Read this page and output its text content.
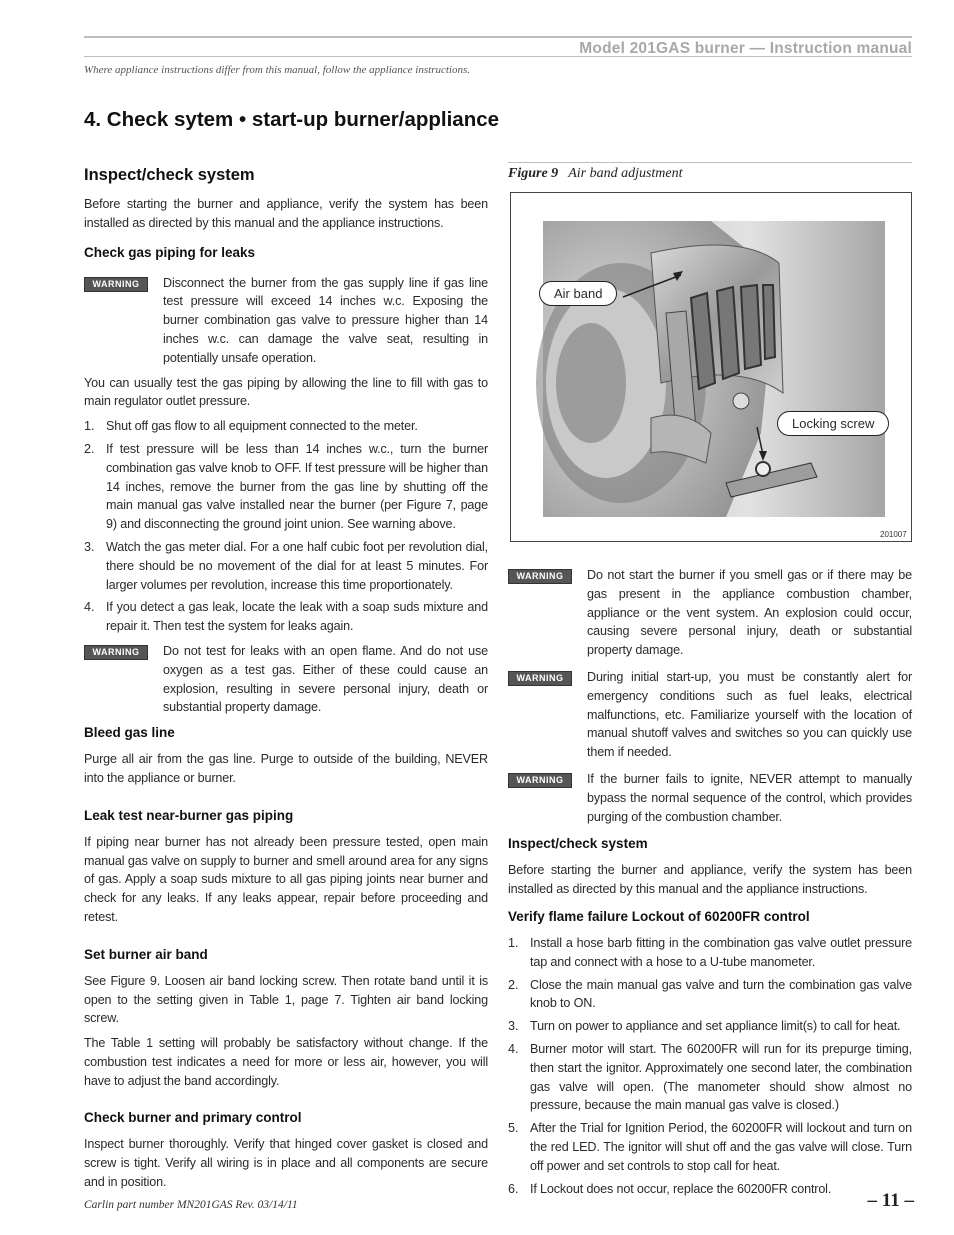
Model 201GAS burner — Instruction manual
Where appliance instructions differ from this manual, follow the appliance instructions.
4. Check sytem • start-up burner/appliance
Inspect/check system

Before starting the burner and appliance, verify the system has been installed as directed by this manual and the appliance instructions.

Check gas piping for leaks
WARNING	Disconnect the burner from the gas supply line if gas line test pressure will exceed 14 inches w.c. Exposing the burner combination gas valve to pressure higher than 14 inches w.c. can damage the valve seat, resulting in potentially unsafe operation.

You can usually test the gas piping by allowing the line to fill with gas to main regulator outlet pressure.

1. Shut off gas flow to all equipment connected to the meter.
2. If test pressure will be less than 14 inches w.c., turn the burner combination gas valve knob to OFF. If test pressure will be higher than 14 inches, remove the burner from the gas line by shutting off the main manual gas valve installed near the burner (per Figure 7, page 9) and disconnecting the ground joint union. See warning above.
3. Watch the gas meter dial. For a one half cubic foot per revolution dial, there should be no movement of the dial for at least 5 minutes. For larger volumes per revolution, increase this time proportionately.
4. If you detect a gas leak, locate the leak with a soap suds mixture and repair it. Then test the system for leaks again.
WARNING	Do not test for leaks with an open flame. And do not use oxygen as a test gas. Either of these could cause an explosion, resulting in severe personal injury, death or substantial property damage.

Bleed gas line

Purge all air from the gas line. Purge to outside of the building, NEVER into the appliance or burner.

Leak test near-burner gas piping

If piping near burner has not already been pressure tested, open main manual gas valve on supply to burner and smell around area for any signs of gas. Apply a soap suds mixture to all gas piping joints near burner and check for any leaks. If any leaks appear, repair before proceeding and retest.

Set burner air band

See Figure 9. Loosen air band locking screw. Then rotate band until it is open to the setting given in Table 1, page 7. Tighten air band locking screw.

The Table 1 setting will probably be satisfactory without change. If the combustion test indicates a need for more or less air, however, you will have to adjust the band accordingly.

Check burner and primary control

Inspect burner thoroughly. Verify that hinged cover gasket is closed and screw is tight. Verify all wiring is in place and all components are secure and in position.

Figure 9 Air band adjustment
Air band
Locking screw
201007
WARNING	Do not start the burner if you smell gas or if there may be gas present in the appliance combustion chamber, appliance or the vent system. An explosion could occur, causing severe personal injury, death or substantial property damage.

WARNING	During initial start-up, you must be constantly alert for emergency conditions such as fuel leaks, electrical malfunctions, etc. Familiarize yourself with the location of manual shutoff valves and switches so you can quickly use them if needed.

WARNING	If the burner fails to ignite, NEVER attempt to manually bypass the normal sequence of the control, which provides purging of the combustion chamber.

Inspect/check system

Before starting the burner and appliance, verify the system has been installed as directed by this manual and the appliance instructions.

Verify flame failure Lockout of 60200FR control
1. Install a hose barb fitting in the combination gas valve outlet pressure tap and connect with a hose to a U-tube manometer.
2. Close the main manual gas valve and turn the combination gas valve knob to ON.
3. Turn on power to appliance and set appliance limit(s) to call for heat.
4. Burner motor will start. The 60200FR will run for its prepurge timing, then start the ignitor. Approximately one second later, the combination gas valve will open. (The manometer should show almost no pressure, because the main manual gas valve is closed.)
5. After the Trial for Ignition Period, the 60200FR will lockout and turn on the red LED. The ignitor will shut off and the gas valve will close. Turn off power and set controls to stop call for heat.
6. If Lockout does not occur, replace the 60200FR control.
Carlin part number MN201GAS Rev. 03/14/11	– 11 –
